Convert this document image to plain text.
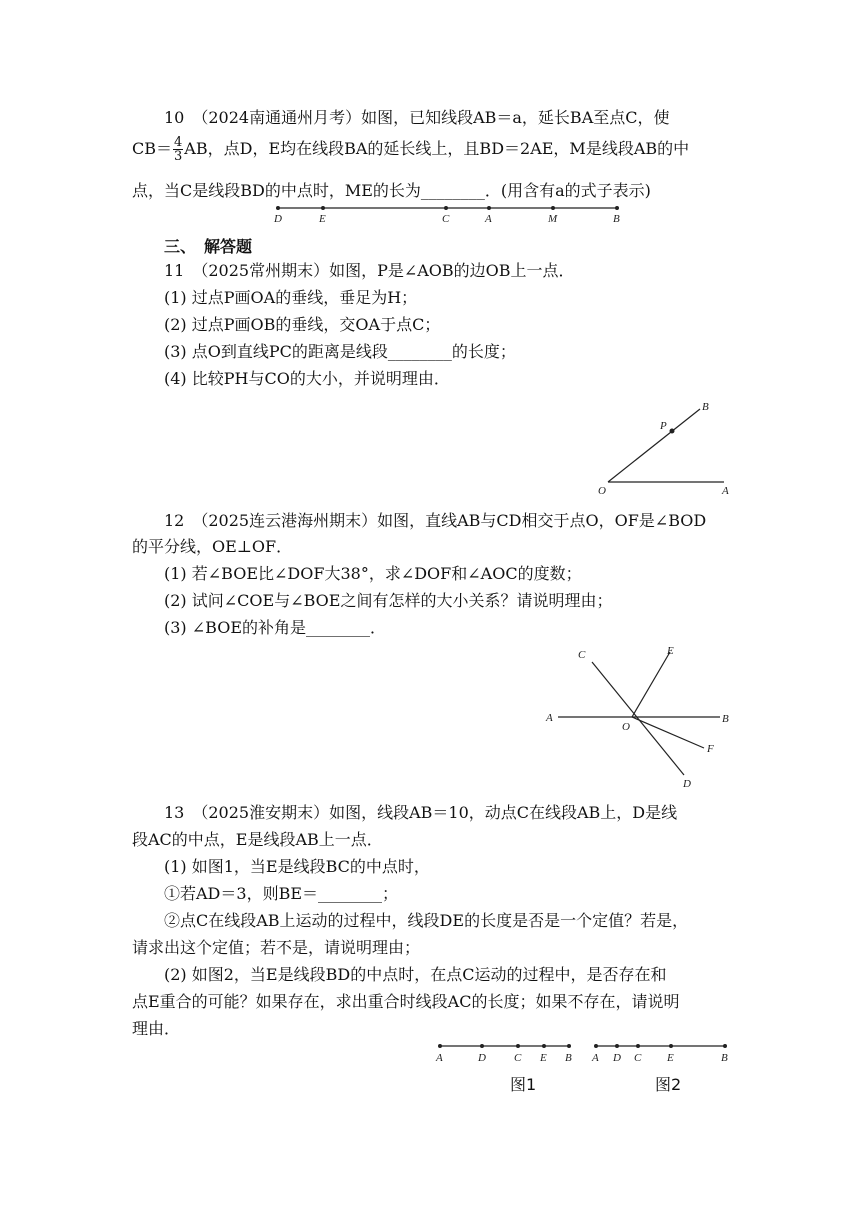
10　（2024南通通州月考）如图，已知线段AB＝a，延长BA至点C，使
$CB= \frac{4}{3}$ AB，点D，E均在线段BA的延长线上，且BD＝2AE，M是线段AB的中
点，当C是线段BD的中点时，ME的长为________．(用含有a的式子表示)
D	E	C	A	M	B
三、　解答题
11　（2025常州期末）如图，P是∠AOB的边OB上一点．
(1) 过点P画OA的垂线，垂足为H；
(2) 过点P画OB的垂线，交OA于点C；
(3) 点O到直线PC的距离是线段________的长度；
(4) 比较PH与CO的大小，并说明理由．
O	A
P
B
12　（2025连云港海州期末）如图，直线AB与CD相交于点O，OF是∠BOD
的平分线，OE⊥OF．
(1) 若∠BOE比∠DOF大38°，求∠DOF和∠AOC的度数；
(2) 试问∠COE与∠BOE之间有怎样的大小关系？请说明理由；
(3) ∠BOE的补角是________．
C	E
A
O
B
F
D
13　（2025淮安期末）如图，线段AB＝10，动点C在线段AB上，D是线
段AC的中点，E是线段AB上一点．
(1) 如图1，当E是线段BC的中点时，
①若AD＝3，则BE＝________；
②点C在线段AB上运动的过程中，线段DE的长度是否是一个定值？若是，
请求出这个定值；若不是，请说明理由；
(2) 如图2，当E是线段BD的中点时，在点C运动的过程中，是否存在和
点E重合的可能？如果存在，求出重合时线段AC的长度；如果不存在，请说明
理由．
A	D	C E B A D C E	B
图1	图2
